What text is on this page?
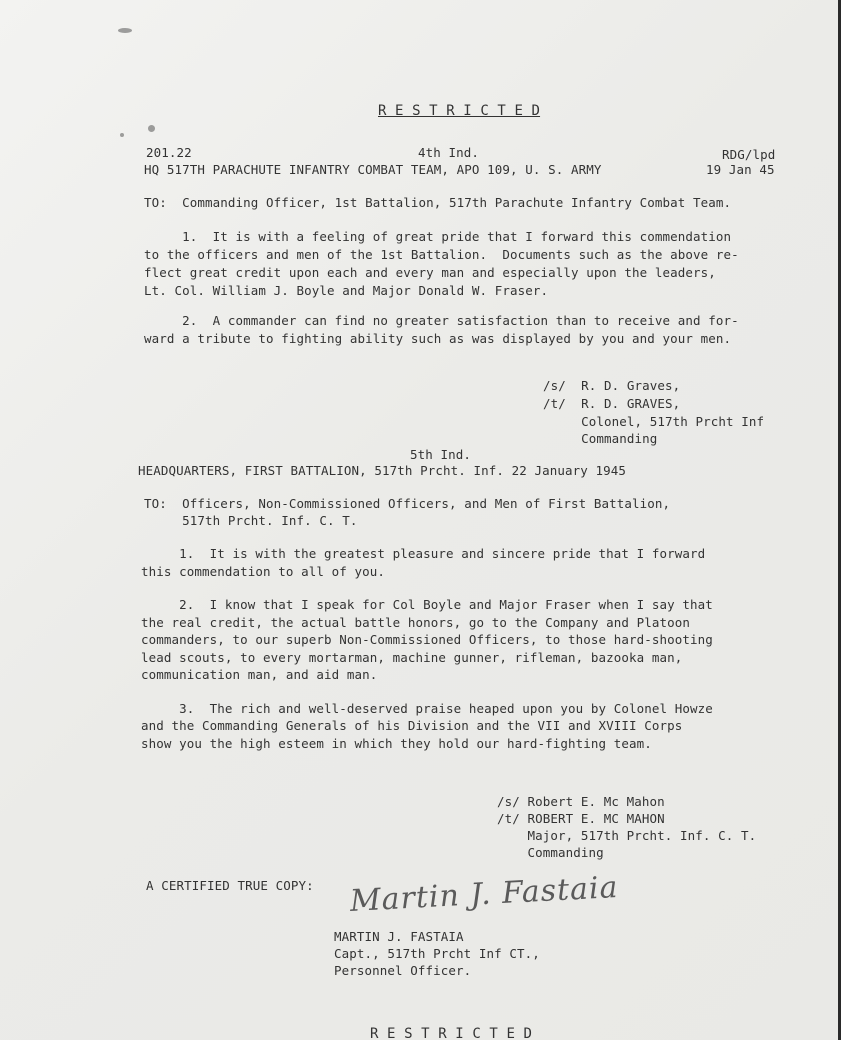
R E S T R I C T E D
201.22	4th Ind.	RDG/lpd
HQ 517TH PARACHUTE INFANTRY COMBAT TEAM, APO 109, U. S. ARMY	19 Jan 45
TO:  Commanding Officer, 1st Battalion, 517th Parachute Infantry Combat Team.
1.  It is with a feeling of great pride that I forward this commendation
to the officers and men of the 1st Battalion.  Documents such as the above re-
flect great credit upon each and every man and especially upon the leaders,
Lt. Col. William J. Boyle and Major Donald W. Fraser.
2.  A commander can find no greater satisfaction than to receive and for-
ward a tribute to fighting ability such as was displayed by you and your men.
/s/  R. D. Graves,
/t/  R. D. GRAVES,
Colonel, 517th Prcht Inf
Commanding
5th Ind.
HEADQUARTERS, FIRST BATTALION, 517th Prcht. Inf. 22 January 1945
TO:  Officers, Non-Commissioned Officers, and Men of First Battalion,
517th Prcht. Inf. C. T.
1.  It is with the greatest pleasure and sincere pride that I forward
this commendation to all of you.
2.  I know that I speak for Col Boyle and Major Fraser when I say that
the real credit, the actual battle honors, go to the Company and Platoon
commanders, to our superb Non-Commissioned Officers, to those hard-shooting
lead scouts, to every mortarman, machine gunner, rifleman, bazooka man,
communication man, and aid man.
3.  The rich and well-deserved praise heaped upon you by Colonel Howze
and the Commanding Generals of his Division and the VII and XVIII Corps
show you the high esteem in which they hold our hard-fighting team.
/s/ Robert E. Mc Mahon
/t/ ROBERT E. MC MAHON
Major, 517th Prcht. Inf. C. T.
Commanding
A CERTIFIED TRUE COPY: Martin J. Fastaia
MARTIN J. FASTAIA
Capt., 517th Prcht Inf CT.,
Personnel Officer.
R E S T R I C T E D
